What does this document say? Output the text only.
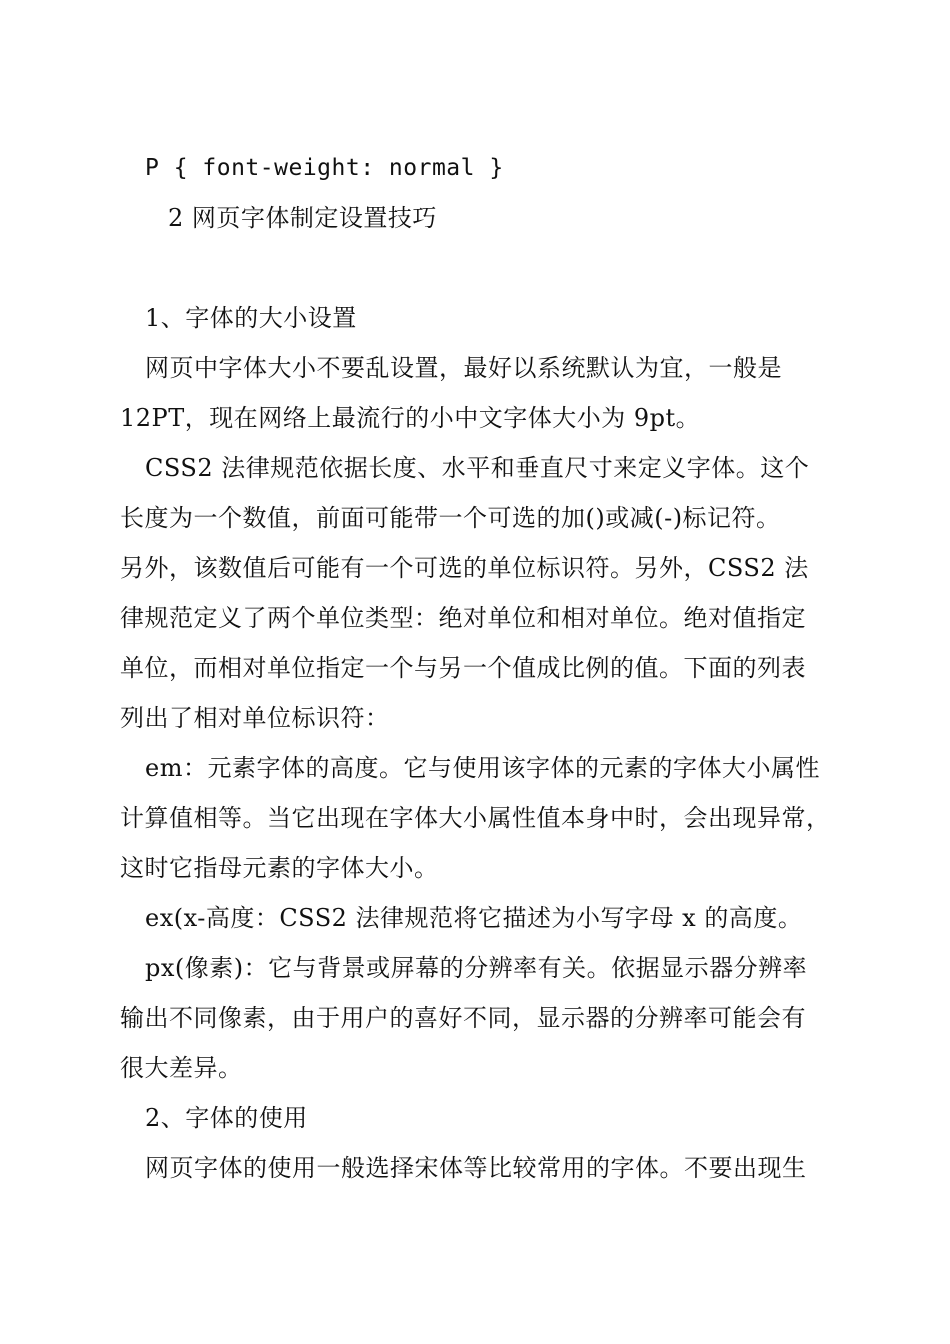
P { font-weight: normal }
2 网页字体制定设置技巧
1、字体的大小设置
网页中字体大小不要乱设置，最好以系统默认为宜，一般是
12PT，现在网络上最流行的小中文字体大小为 9pt。
CSS2 法律规范依据长度、水平和垂直尺寸来定义字体。这个
长度为一个数值，前面可能带一个可选的加()或减(-)标记符。
另外，该数值后可能有一个可选的单位标识符。另外，CSS2 法
律规范定义了两个单位类型：绝对单位和相对单位。绝对值指定
单位，而相对单位指定一个与另一个值成比例的值。下面的列表
列出了相对单位标识符：
em：元素字体的高度。它与使用该字体的元素的字体大小属性
计算值相等。当它出现在字体大小属性值本身中时，会出现异常，
这时它指母元素的字体大小。
ex(x-高度：CSS2 法律规范将它描述为小写字母 x 的高度。
px(像素)：它与背景或屏幕的分辨率有关。依据显示器分辨率
输出不同像素，由于用户的喜好不同，显示器的分辨率可能会有
很大差异。
2、字体的使用
网页字体的使用一般选择宋体等比较常用的字体。不要出现生
